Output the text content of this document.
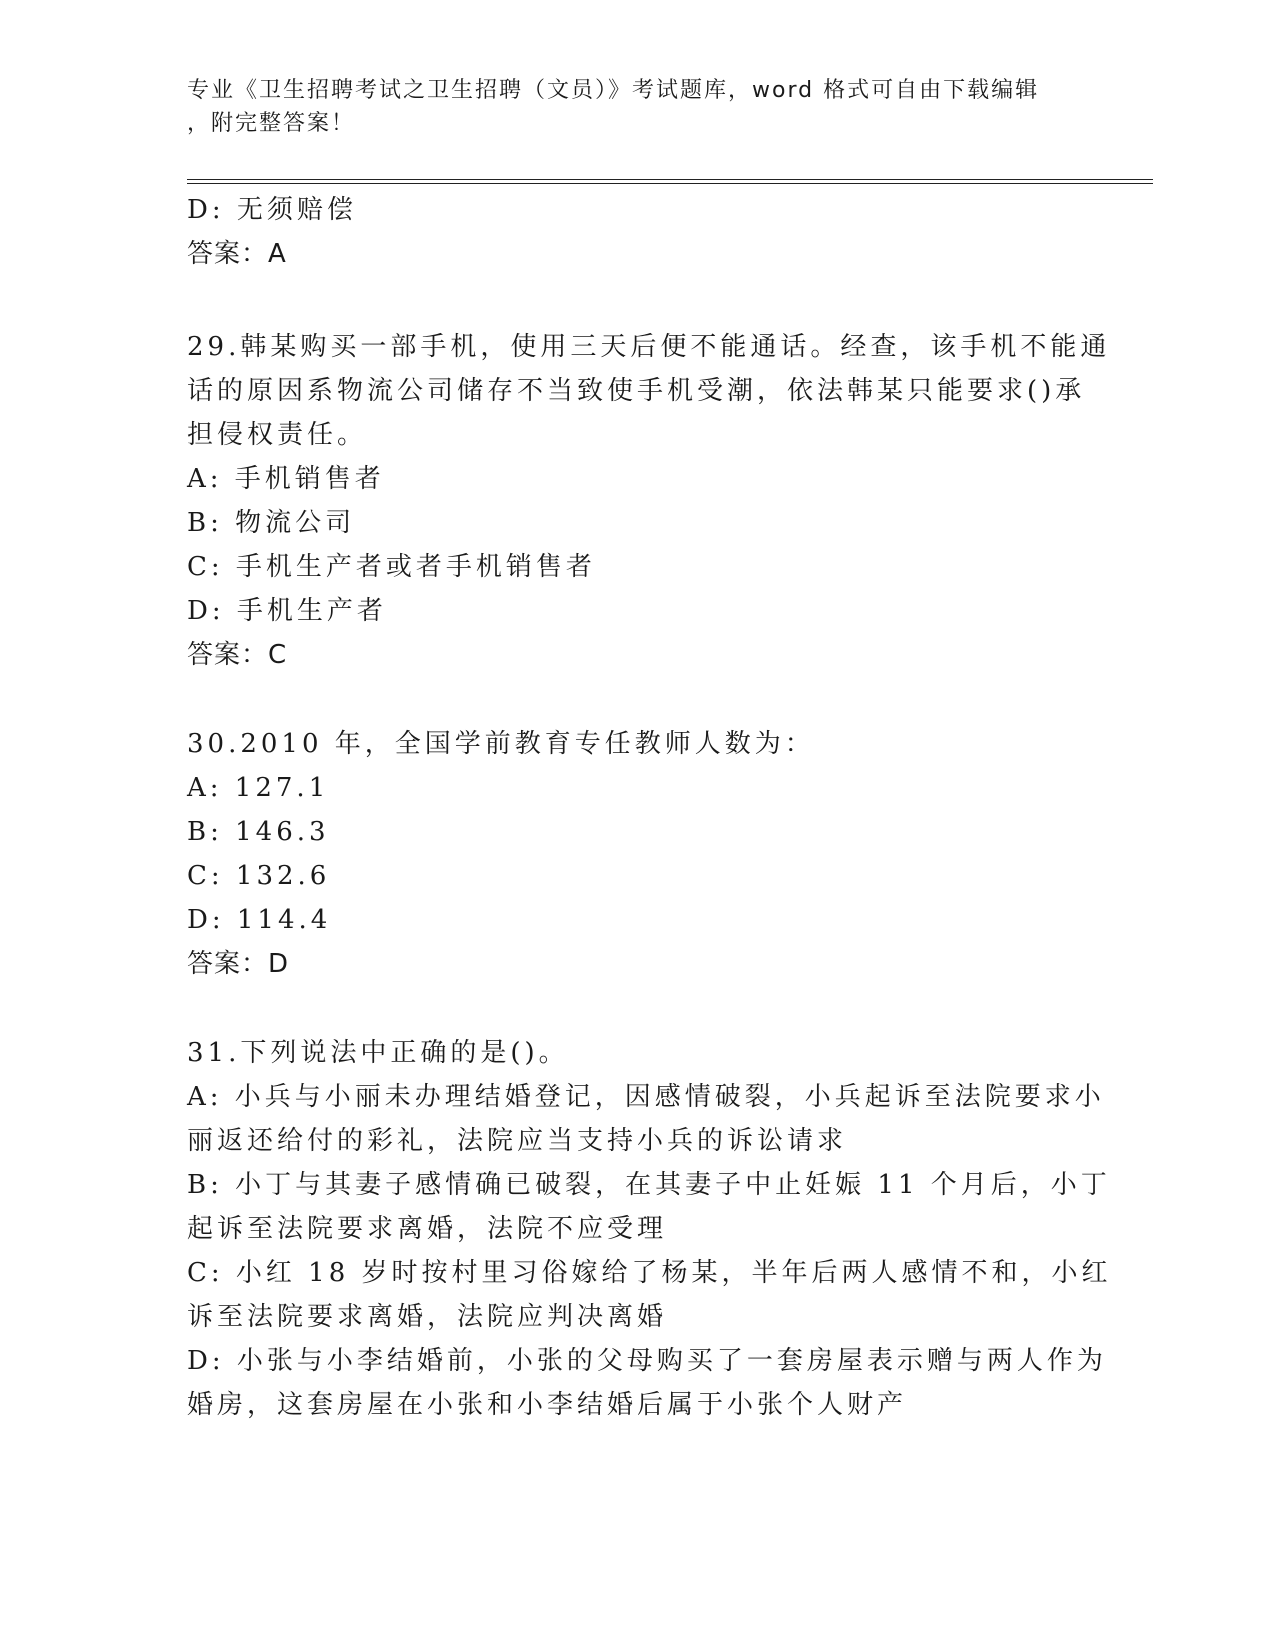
专业《卫生招聘考试之卫生招聘（文员）》考试题库，word 格式可自由下载编辑
，附完整答案！
D: 无须赔偿
答案：A
29.韩某购买一部手机，使用三天后便不能通话。经查，该手机不能通
话的原因系物流公司储存不当致使手机受潮，依法韩某只能要求()承
担侵权责任。
A: 手机销售者
B: 物流公司
C: 手机生产者或者手机销售者
D: 手机生产者
答案：C
30.2010 年，全国学前教育专任教师人数为：
A: 127.1
B: 146.3
C: 132.6
D: 114.4
答案：D
31.下列说法中正确的是()。
A: 小兵与小丽未办理结婚登记，因感情破裂，小兵起诉至法院要求小
丽返还给付的彩礼，法院应当支持小兵的诉讼请求
B: 小丁与其妻子感情确已破裂，在其妻子中止妊娠 11 个月后，小丁
起诉至法院要求离婚，法院不应受理
C: 小红 18 岁时按村里习俗嫁给了杨某，半年后两人感情不和，小红
诉至法院要求离婚，法院应判决离婚
D: 小张与小李结婚前，小张的父母购买了一套房屋表示赠与两人作为
婚房，这套房屋在小张和小李结婚后属于小张个人财产
